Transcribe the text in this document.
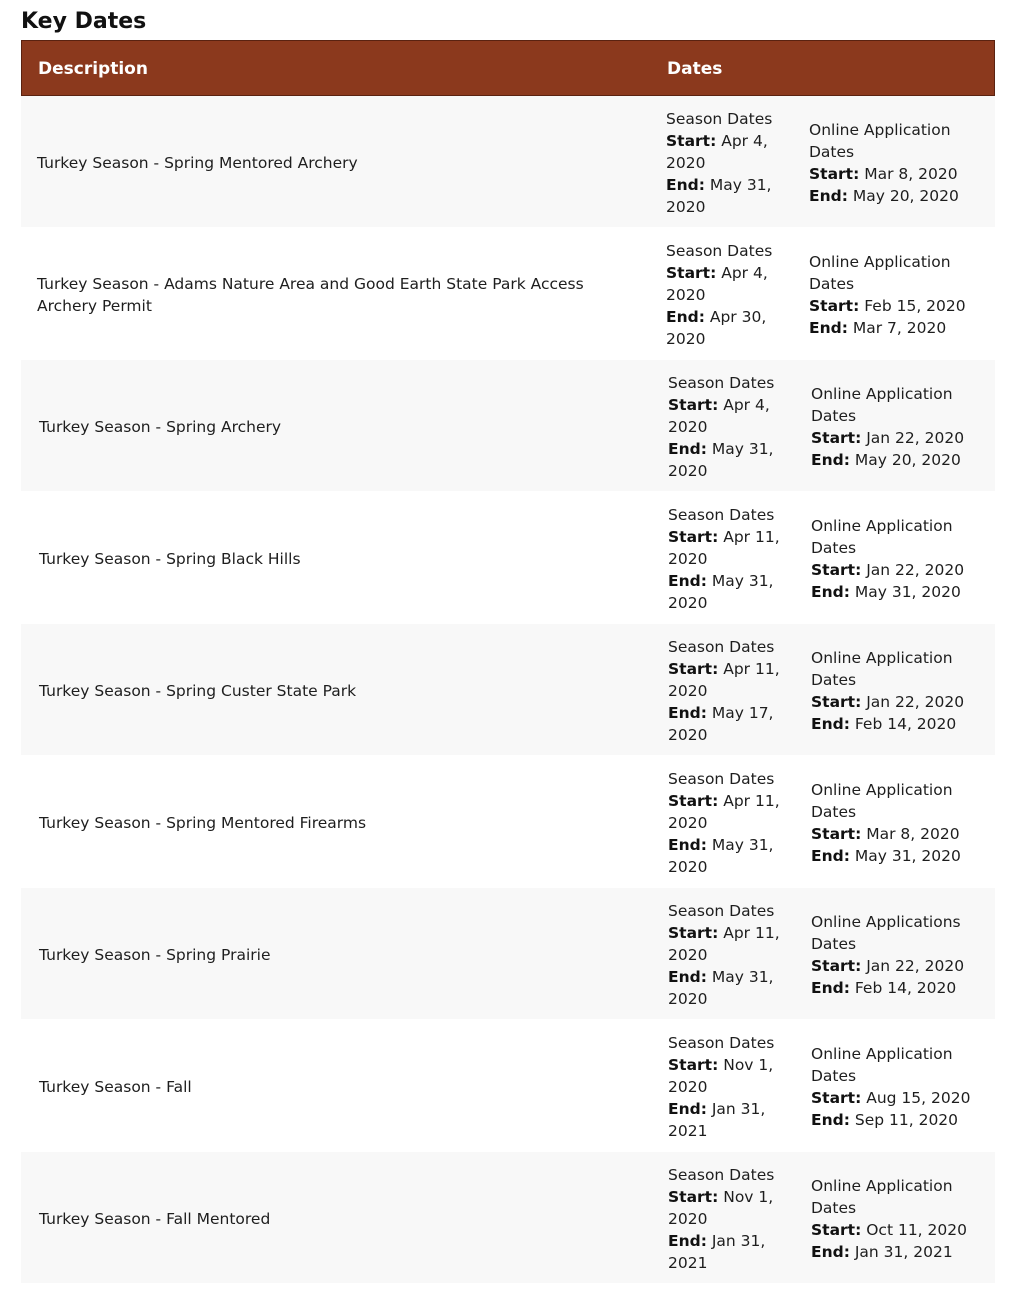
Key Dates
Description	Dates
Turkey Season - Spring Mentored Archery
Season Dates
Start: Apr 4, 2020
End: May 31, 2020
Online Application Dates
Start: Mar 8, 2020
End: May 20, 2020
Turkey Season - Adams Nature Area and Good Earth State Park Access Archery Permit
Season Dates
Start: Apr 4, 2020
End: Apr 30, 2020
Online Application Dates
Start: Feb 15, 2020
End: Mar 7, 2020
Turkey Season - Spring Archery
Season Dates
Start: Apr 4, 2020
End: May 31, 2020
Online Application Dates
Start: Jan 22, 2020
End: May 20, 2020
Turkey Season - Spring Black Hills
Season Dates
Start: Apr 11, 2020
End: May 31, 2020
Online Application Dates
Start: Jan 22, 2020
End: May 31, 2020
Turkey Season - Spring Custer State Park
Season Dates
Start: Apr 11, 2020
End: May 17, 2020
Online Application Dates
Start: Jan 22, 2020
End: Feb 14, 2020
Turkey Season - Spring Mentored Firearms
Season Dates
Start: Apr 11, 2020
End: May 31, 2020
Online Application Dates
Start: Mar 8, 2020
End: May 31, 2020
Turkey Season - Spring Prairie
Season Dates
Start: Apr 11, 2020
End: May 31, 2020
Online Applications Dates
Start: Jan 22, 2020
End: Feb 14, 2020
Turkey Season - Fall
Season Dates
Start: Nov 1, 2020
End: Jan 31, 2021
Online Application Dates
Start: Aug 15, 2020
End: Sep 11, 2020
Turkey Season - Fall Mentored
Season Dates
Start: Nov 1, 2020
End: Jan 31, 2021
Online Application Dates
Start: Oct 11, 2020
End: Jan 31, 2021
